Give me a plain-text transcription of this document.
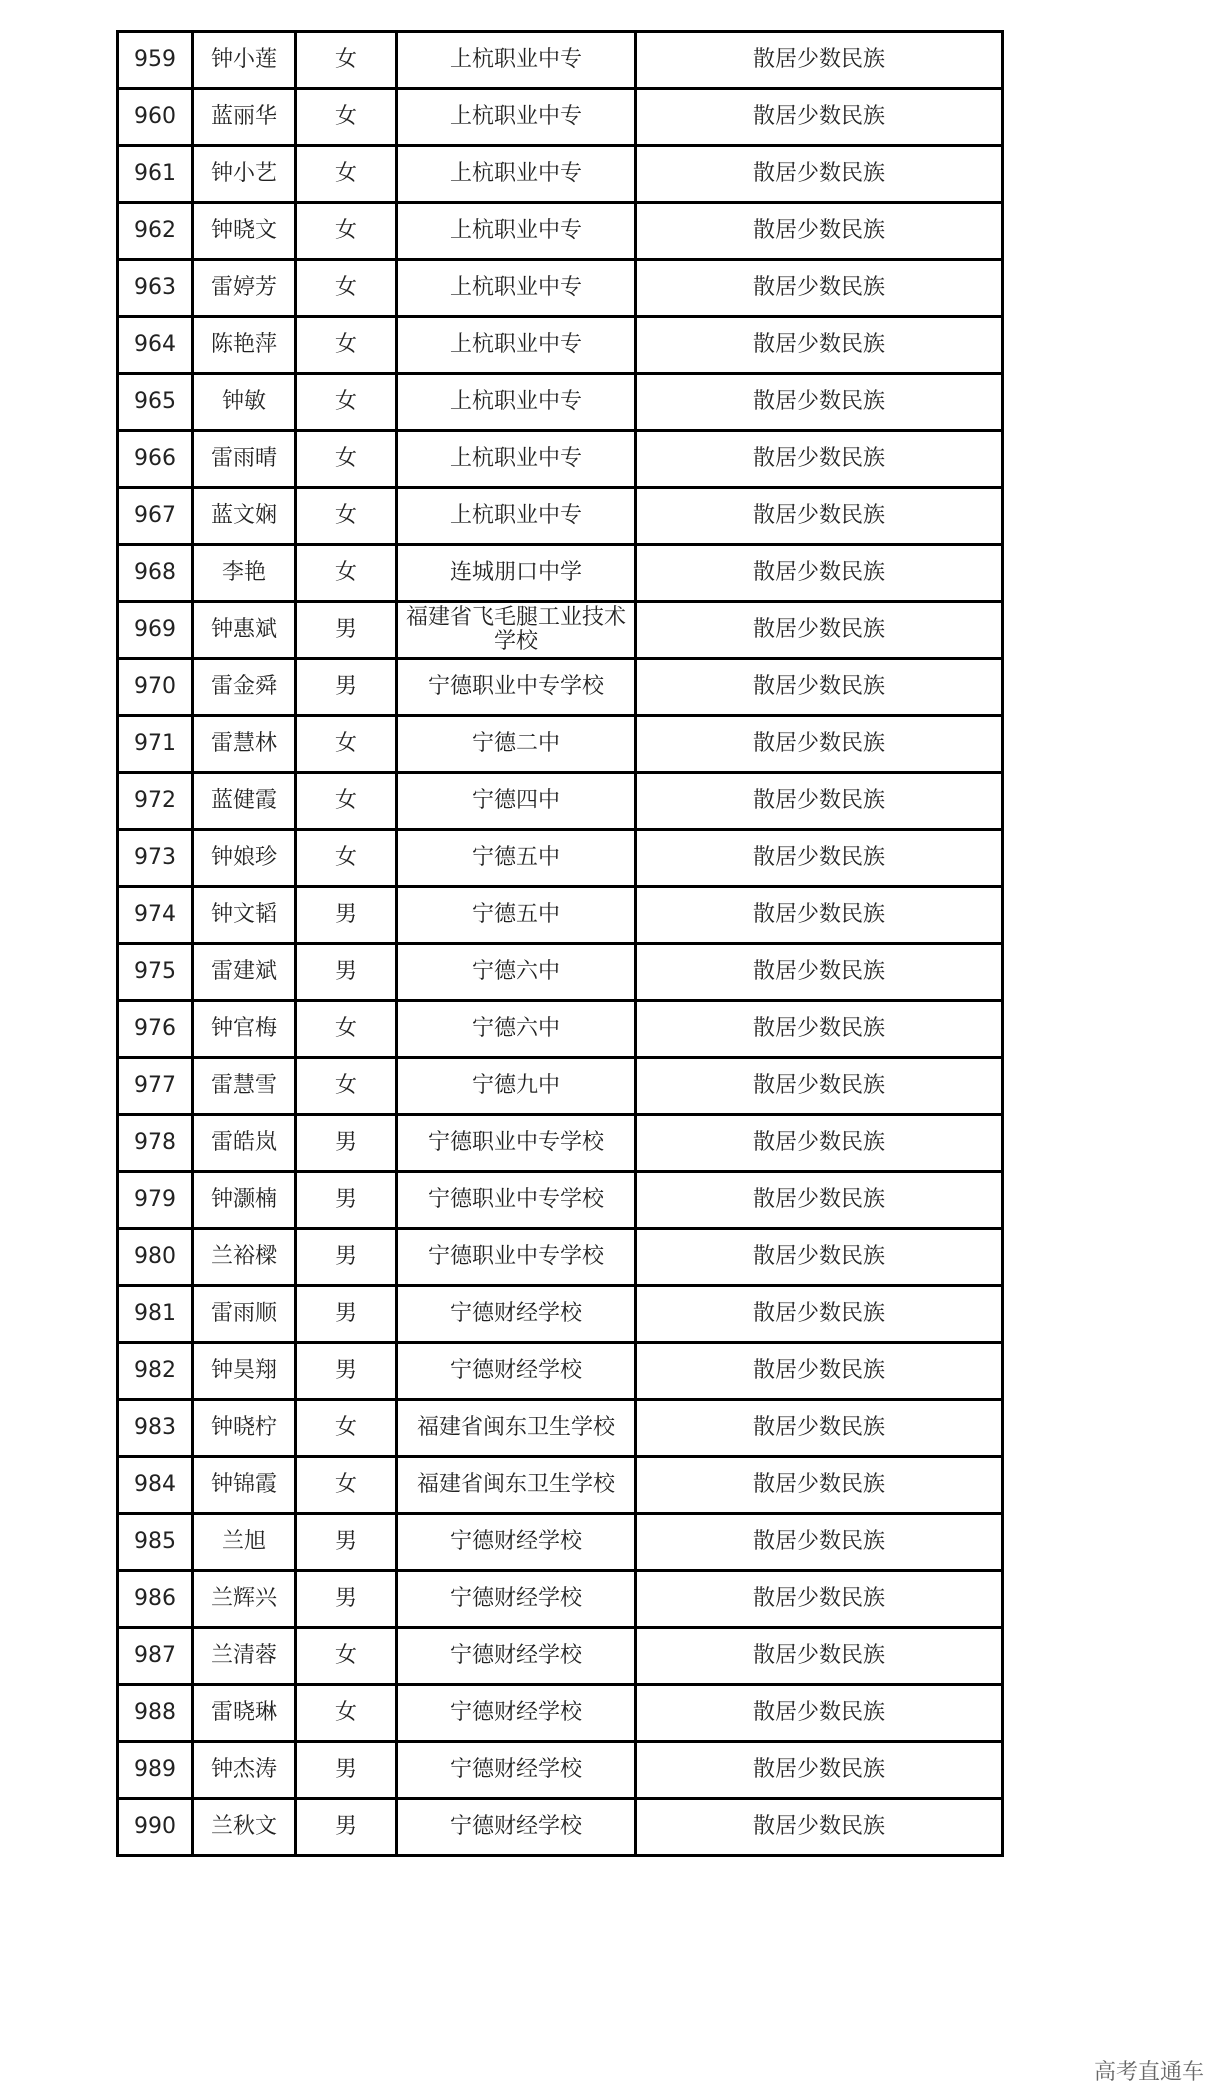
959	钟小莲	女	上杭职业中专	散居少数民族
960	蓝丽华	女	上杭职业中专	散居少数民族
961	钟小艺	女	上杭职业中专	散居少数民族
962	钟晓文	女	上杭职业中专	散居少数民族
963	雷婷芳	女	上杭职业中专	散居少数民族
964	陈艳萍	女	上杭职业中专	散居少数民族
965	钟敏	女	上杭职业中专	散居少数民族
966	雷雨晴	女	上杭职业中专	散居少数民族
967	蓝文娴	女	上杭职业中专	散居少数民族
968	李艳	女	连城朋口中学	散居少数民族
969	钟惠斌	男	福建省飞毛腿工业技术学校	散居少数民族
970	雷金舜	男	宁德职业中专学校	散居少数民族
971	雷慧林	女	宁德二中	散居少数民族
972	蓝健霞	女	宁德四中	散居少数民族
973	钟娘珍	女	宁德五中	散居少数民族
974	钟文韬	男	宁德五中	散居少数民族
975	雷建斌	男	宁德六中	散居少数民族
976	钟官梅	女	宁德六中	散居少数民族
977	雷慧雪	女	宁德九中	散居少数民族
978	雷皓岚	男	宁德职业中专学校	散居少数民族
979	钟灏楠	男	宁德职业中专学校	散居少数民族
980	兰裕樑	男	宁德职业中专学校	散居少数民族
981	雷雨顺	男	宁德财经学校	散居少数民族
982	钟昊翔	男	宁德财经学校	散居少数民族
983	钟晓柠	女	福建省闽东卫生学校	散居少数民族
984	钟锦霞	女	福建省闽东卫生学校	散居少数民族
985	兰旭	男	宁德财经学校	散居少数民族
986	兰辉兴	男	宁德财经学校	散居少数民族
987	兰清蓉	女	宁德财经学校	散居少数民族
988	雷晓琳	女	宁德财经学校	散居少数民族
989	钟杰涛	男	宁德财经学校	散居少数民族
990	兰秋文	男	宁德财经学校	散居少数民族
高考直通车
